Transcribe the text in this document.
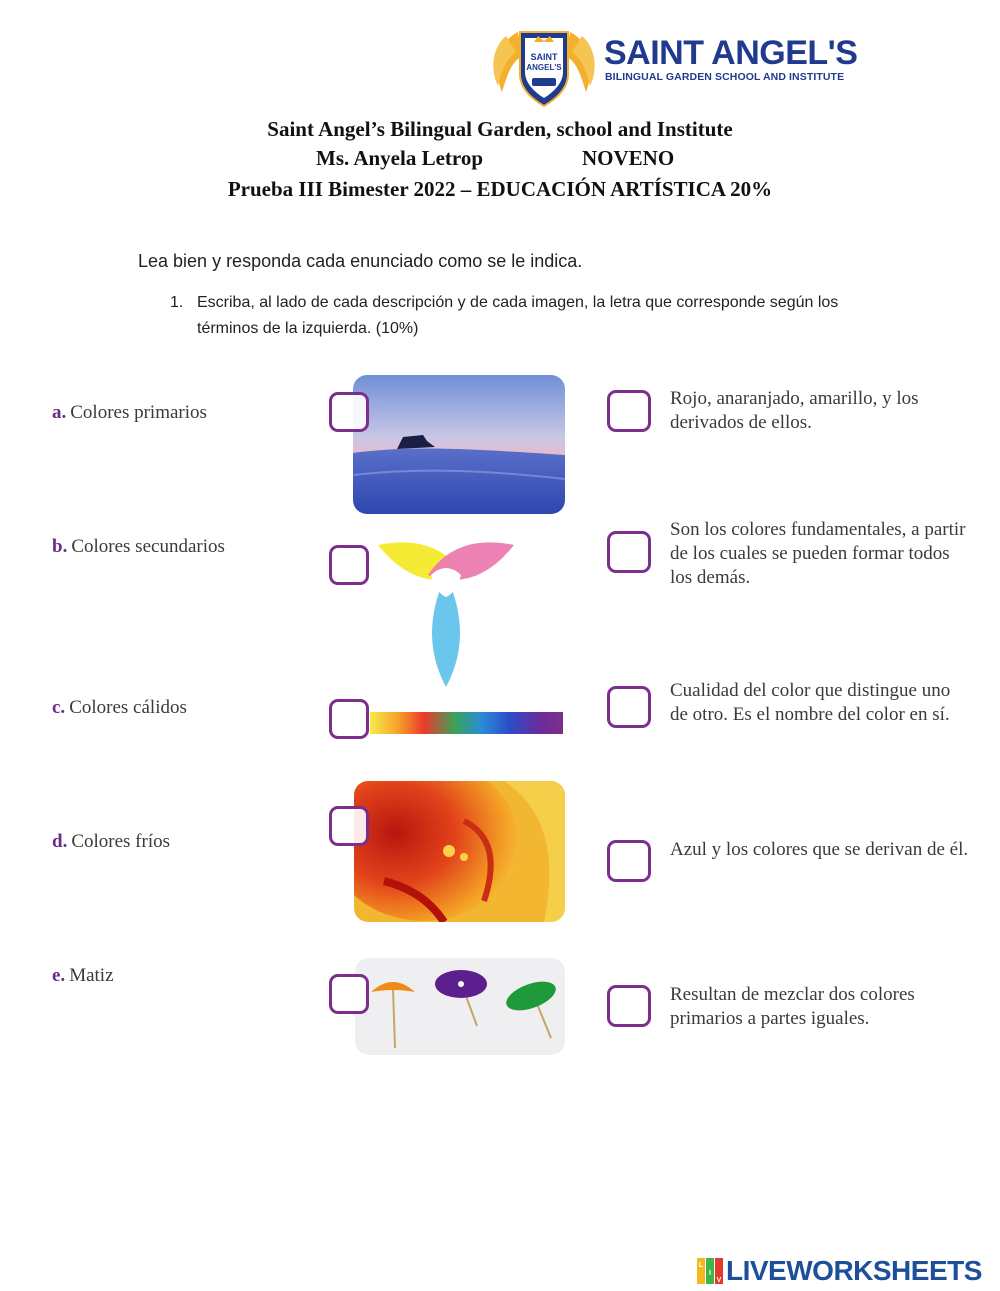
SAINT
ANGEL'S SAINT ANGEL'S
BILINGUAL GARDEN SCHOOL AND INSTITUTE
Saint Angel’s Bilingual Garden, school and Institute
Ms. Anyela Letrop	NOVENO
Prueba III Bimester 2022 – EDUCACIÓN ARTÍSTICA 20%
Lea bien y responda cada enunciado como se le indica.
1. Escriba, al lado de cada descripción y de cada imagen, la letra que corresponde según los términos de la izquierda. (10%)
a. Colores primarios
b. Colores secundarios
c. Colores cálidos
d. Colores fríos
e. Matiz
Rojo, anaranjado, amarillo, y los derivados de ellos.
Son los colores fundamentales, a partir de los cuales se pueden formar todos los demás.
Cualidad del color que distingue uno de otro. Es el nombre del color en sí.
Azul y los colores que se derivan de él.
Resultan de mezclar dos colores primarios a partes iguales.
L
I
V LIVEWORKSHEETS
